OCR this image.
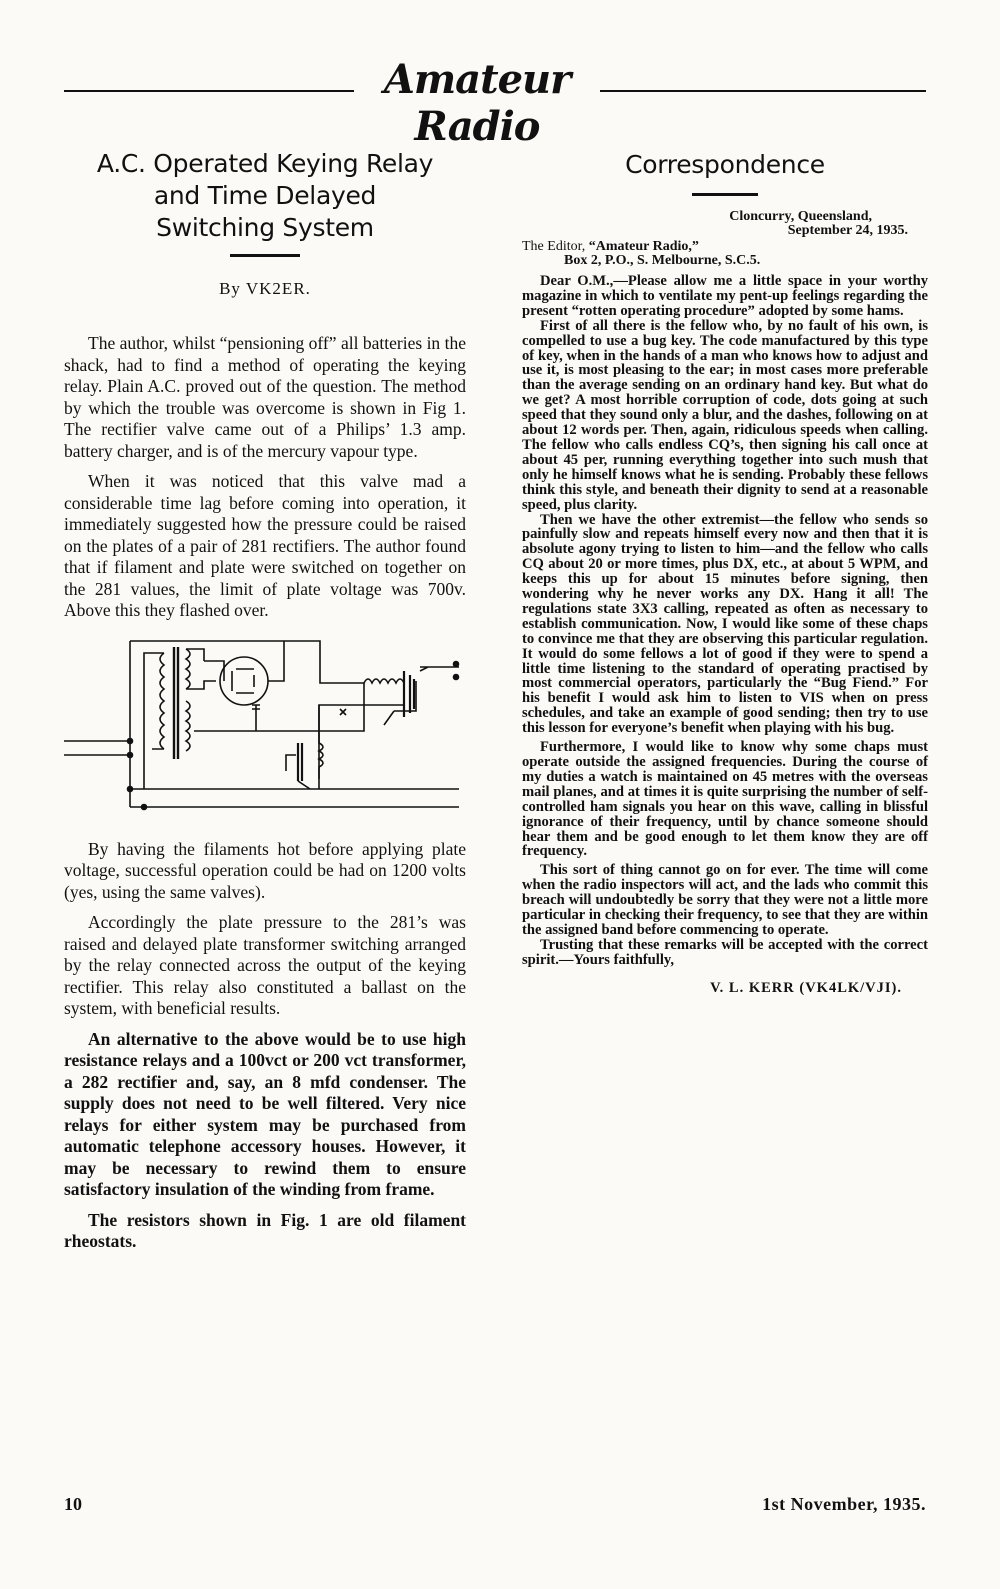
Amateur Radio
A.C. Operated Keying Relay
and Time Delayed
Switching System
By VK2ER.

The author, whilst “pensioning off” all batteries in the shack, had to find a method of operating the keying relay. Plain A.C. proved out of the question. The method by which the trouble was overcome is shown in Fig 1. The rectifier valve came out of a Philips’ 1.3 amp. battery charger, and is of the mercury vapour type.

When it was noticed that this valve mad a considerable time lag before coming into operation, it immediately suggested how the pressure could be raised on the plates of a pair of 281 rectifiers. The author found that if filament and plate were switched on together on the 281 values, the limit of plate voltage was 700v. Above this they flashed over.

By having the filaments hot before applying plate voltage, successful operation could be had on 1200 volts (yes, using the same valves).

Accordingly the plate pressure to the 281’s was raised and delayed plate transformer switching arranged by the relay connected across the output of the keying rectifier. This relay also constituted a ballast on the system, with beneficial results.

An alternative to the above would be to use high resistance relays and a 100vct or 200 vct transformer, a 282 rectifier and, say, an 8 mfd condenser. The supply does not need to be well filtered. Very nice relays for either system may be purchased from automatic telephone accessory houses. However, it may be necessary to rewind them to ensure satisfactory insulation of the winding from frame.

The resistors shown in Fig. 1 are old filament rheostats.

Correspondence
Cloncurry, Queensland,
September 24, 1935.
The Editor, “Amateur Radio,”
Box 2, P.O., S. Melbourne, S.C.5.

Dear O.M.,—Please allow me a little space in your worthy magazine in which to ventilate my pent-up feelings regarding the present “rotten operating procedure” adopted by some hams.

First of all there is the fellow who, by no fault of his own, is compelled to use a bug key. The code manufactured by this type of key, when in the hands of a man who knows how to adjust and use it, is most pleasing to the ear; in most cases more preferable than the average sending on an ordinary hand key. But what do we get? A most horrible corruption of code, dots going at such speed that they sound only a blur, and the dashes, following on at about 12 words per. Then, again, ridiculous speeds when calling. The fellow who calls endless CQ’s, then signing his call once at about 45 per, running everything together into such mush that only he himself knows what he is sending. Probably these fellows think this style, and beneath their dignity to send at a reasonable speed, plus clarity.

Then we have the other extremist—the fellow who sends so painfully slow and repeats himself every now and then that it is absolute agony trying to listen to him—and the fellow who calls CQ about 20 or more times, plus DX, etc., at about 5 WPM, and keeps this up for about 15 minutes before signing, then wondering why he never works any DX. Hang it all! The regulations state 3X3 calling, repeated as often as necessary to establish communication. Now, I would like some of these chaps to convince me that they are observing this particular regulation. It would do some fellows a lot of good if they were to spend a little time listening to the standard of operating practised by most commercial operators, particularly the “Bug Fiend.” For his benefit I would ask him to listen to VIS when on press schedules, and take an example of good sending; then try to use this lesson for everyone’s benefit when playing with his bug.

Furthermore, I would like to know why some chaps must operate outside the assigned frequencies. During the course of my duties a watch is maintained on 45 metres with the overseas mail planes, and at times it is quite surprising the number of self-controlled ham signals you hear on this wave, calling in blissful ignorance of their frequency, until by chance someone should hear them and be good enough to let them know they are off frequency.

This sort of thing cannot go on for ever. The time will come when the radio inspectors will act, and the lads who commit this breach will undoubtedly be sorry that they were not a little more particular in checking their frequency, to see that they are within the assigned band before commencing to operate.

Trusting that these remarks will be accepted with the correct spirit.—Yours faithfully,

V. L. KERR (VK4LK/VJI).
10	1st November, 1935.
